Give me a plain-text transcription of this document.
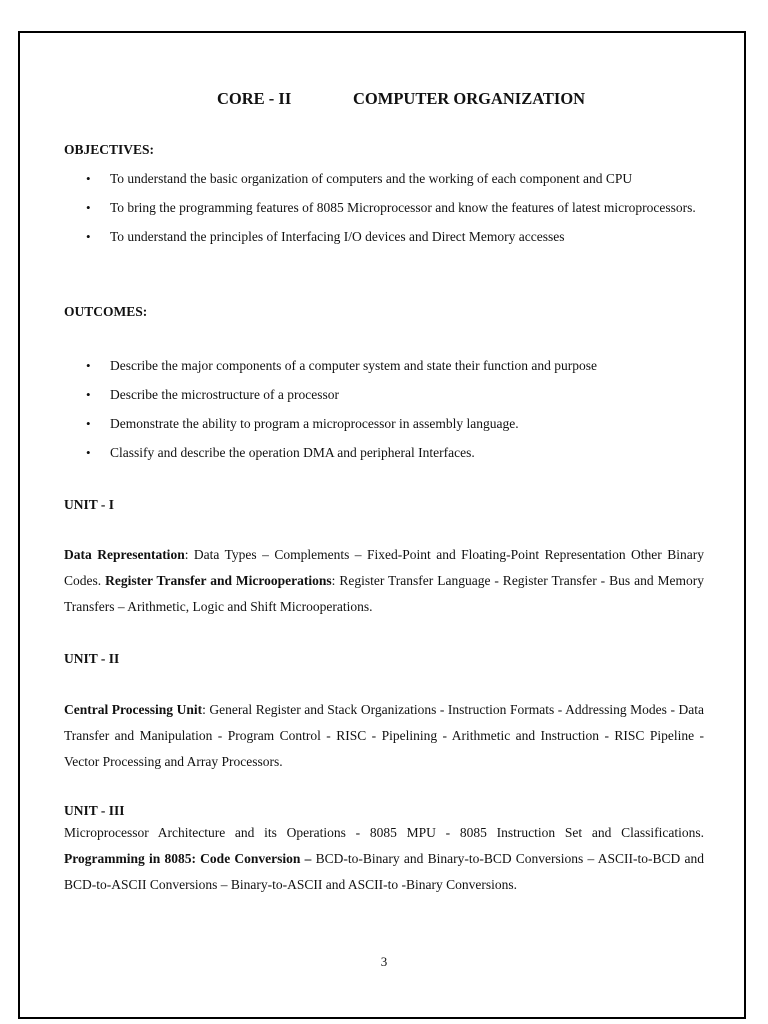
CORE - II	COMPUTER ORGANIZATION
OBJECTIVES:
• To understand the basic organization of computers and the working of each component and CPU
• To bring the programming features of 8085 Microprocessor and know the features of latest microprocessors.
• To understand the principles of Interfacing I/O devices and Direct Memory accesses
OUTCOMES:
• Describe the major components of a computer system and state their function and purpose
• Describe the microstructure of a processor
• Demonstrate the ability to program a microprocessor in assembly language.
• Classify and describe the operation DMA and peripheral Interfaces.
UNIT - I
Data Representation: Data Types – Complements – Fixed-Point and Floating-Point Representation Other Binary Codes. Register Transfer and Microoperations: Register Transfer Language - Register Transfer - Bus and Memory Transfers – Arithmetic, Logic and Shift Microoperations.
UNIT - II
Central Processing Unit: General Register and Stack Organizations - Instruction Formats - Addressing Modes - Data Transfer and Manipulation - Program Control - RISC - Pipelining - Arithmetic and Instruction - RISC Pipeline - Vector Processing and Array Processors.
UNIT - III
Microprocessor Architecture and its Operations - 8085 MPU - 8085 Instruction Set and Classifications. Programming in 8085: Code Conversion – BCD-to-Binary and Binary-to-BCD Conversions – ASCII-to-BCD and BCD-to-ASCII Conversions – Binary-to-ASCII and ASCII-to -Binary Conversions.
3
